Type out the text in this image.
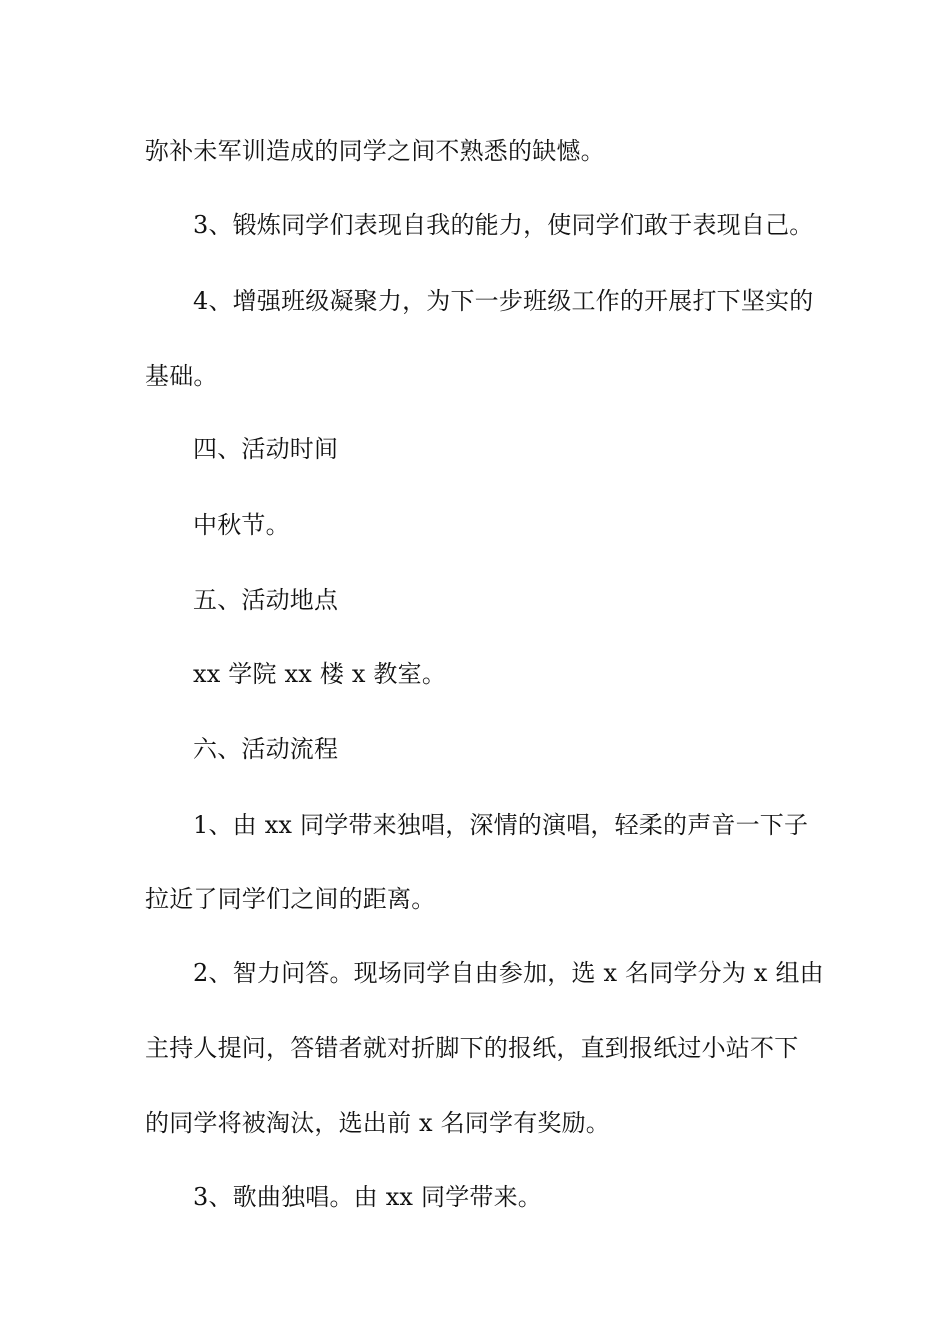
弥补未军训造成的同学之间不熟悉的缺憾。
3、锻炼同学们表现自我的能力，使同学们敢于表现自己。
4、增强班级凝聚力，为下一步班级工作的开展打下坚实的
基础。
四、活动时间
中秋节。
五、活动地点
xx 学院 xx 楼 x 教室。
六、活动流程
1、由 xx 同学带来独唱，深情的演唱，轻柔的声音一下子
拉近了同学们之间的距离。
2、智力问答。现场同学自由参加，选 x 名同学分为 x 组由
主持人提问，答错者就对折脚下的报纸，直到报纸过小站不下
的同学将被淘汰，选出前 x 名同学有奖励。
3、歌曲独唱。由 xx 同学带来。
